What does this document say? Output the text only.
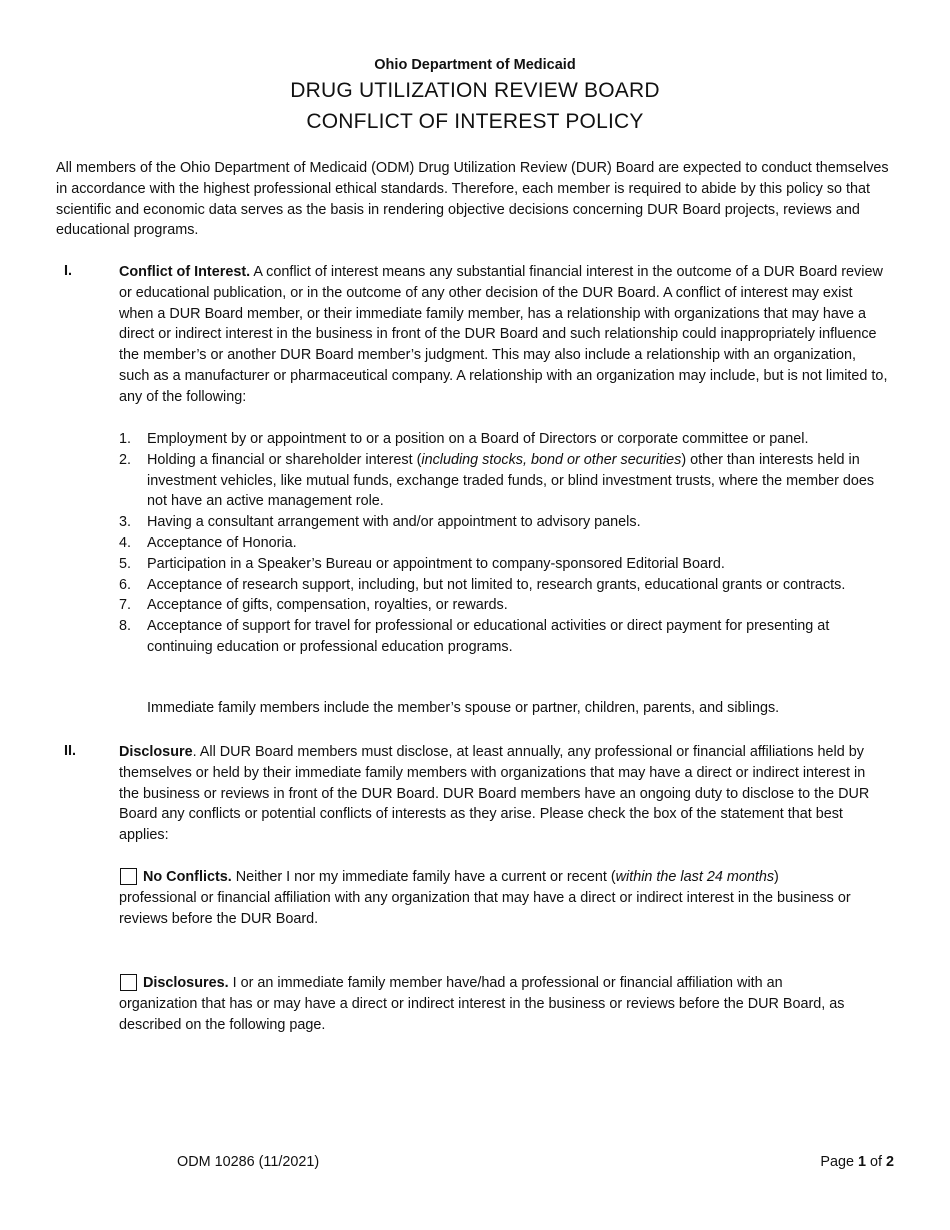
Ohio Department of Medicaid
DRUG UTILIZATION REVIEW BOARD
CONFLICT OF INTEREST POLICY

All members of the Ohio Department of Medicaid (ODM) Drug Utilization Review (DUR) Board are expected to conduct themselves in accordance with the highest professional ethical standards. Therefore, each member is required to abide by this policy so that scientific and economic data serves as the basis in rendering objective decisions concerning DUR Board projects, reviews and educational programs.

I.	Conflict of Interest. A conflict of interest means any substantial financial interest in the outcome of a DUR Board review or educational publication, or in the outcome of any other decision of the DUR Board. A conflict of interest may exist when a DUR Board member, or their immediate family member, has a relationship with organizations that may have a direct or indirect interest in the business in front of the DUR Board and such relationship could inappropriately influence the member’s or another DUR Board member’s judgment. This may also include a relationship with an organization, such as a manufacturer or pharmaceutical company. A relationship with an organization may include, but is not limited to, any of the following:

1. Employment by or appointment to or a position on a Board of Directors or corporate committee or panel.
2. Holding a financial or shareholder interest (including stocks, bond or other securities) other than interests held in investment vehicles, like mutual funds, exchange traded funds, or blind investment trusts, where the member does not have an active management role.
3. Having a consultant arrangement with and/or appointment to advisory panels.
4. Acceptance of Honoria.
5. Participation in a Speaker’s Bureau or appointment to company-sponsored Editorial Board.
6. Acceptance of research support, including, but not limited to, research grants, educational grants or contracts.
7. Acceptance of gifts, compensation, royalties, or rewards.
8. Acceptance of support for travel for professional or educational activities or direct payment for presenting at continuing education or professional education programs.
Immediate family members include the member’s spouse or partner, children, parents, and siblings.
II.	Disclosure. All DUR Board members must disclose, at least annually, any professional or financial affiliations held by themselves or held by their immediate family members with organizations that may have a direct or indirect interest in the business or reviews in front of the DUR Board. DUR Board members have an ongoing duty to disclose to the DUR Board any conflicts or potential conflicts of interests as they arise. Please check the box of the statement that best applies:

No Conflicts. Neither I nor my immediate family have a current or recent (within the last 24 months) professional or financial affiliation with any organization that may have a direct or indirect interest in the business or reviews before the DUR Board.

Disclosures. I or an immediate family member have/had a professional or financial affiliation with an organization that has or may have a direct or indirect interest in the business or reviews before the DUR Board, as described on the following page.

ODM 10286 (11/2021)	Page 1 of 2
